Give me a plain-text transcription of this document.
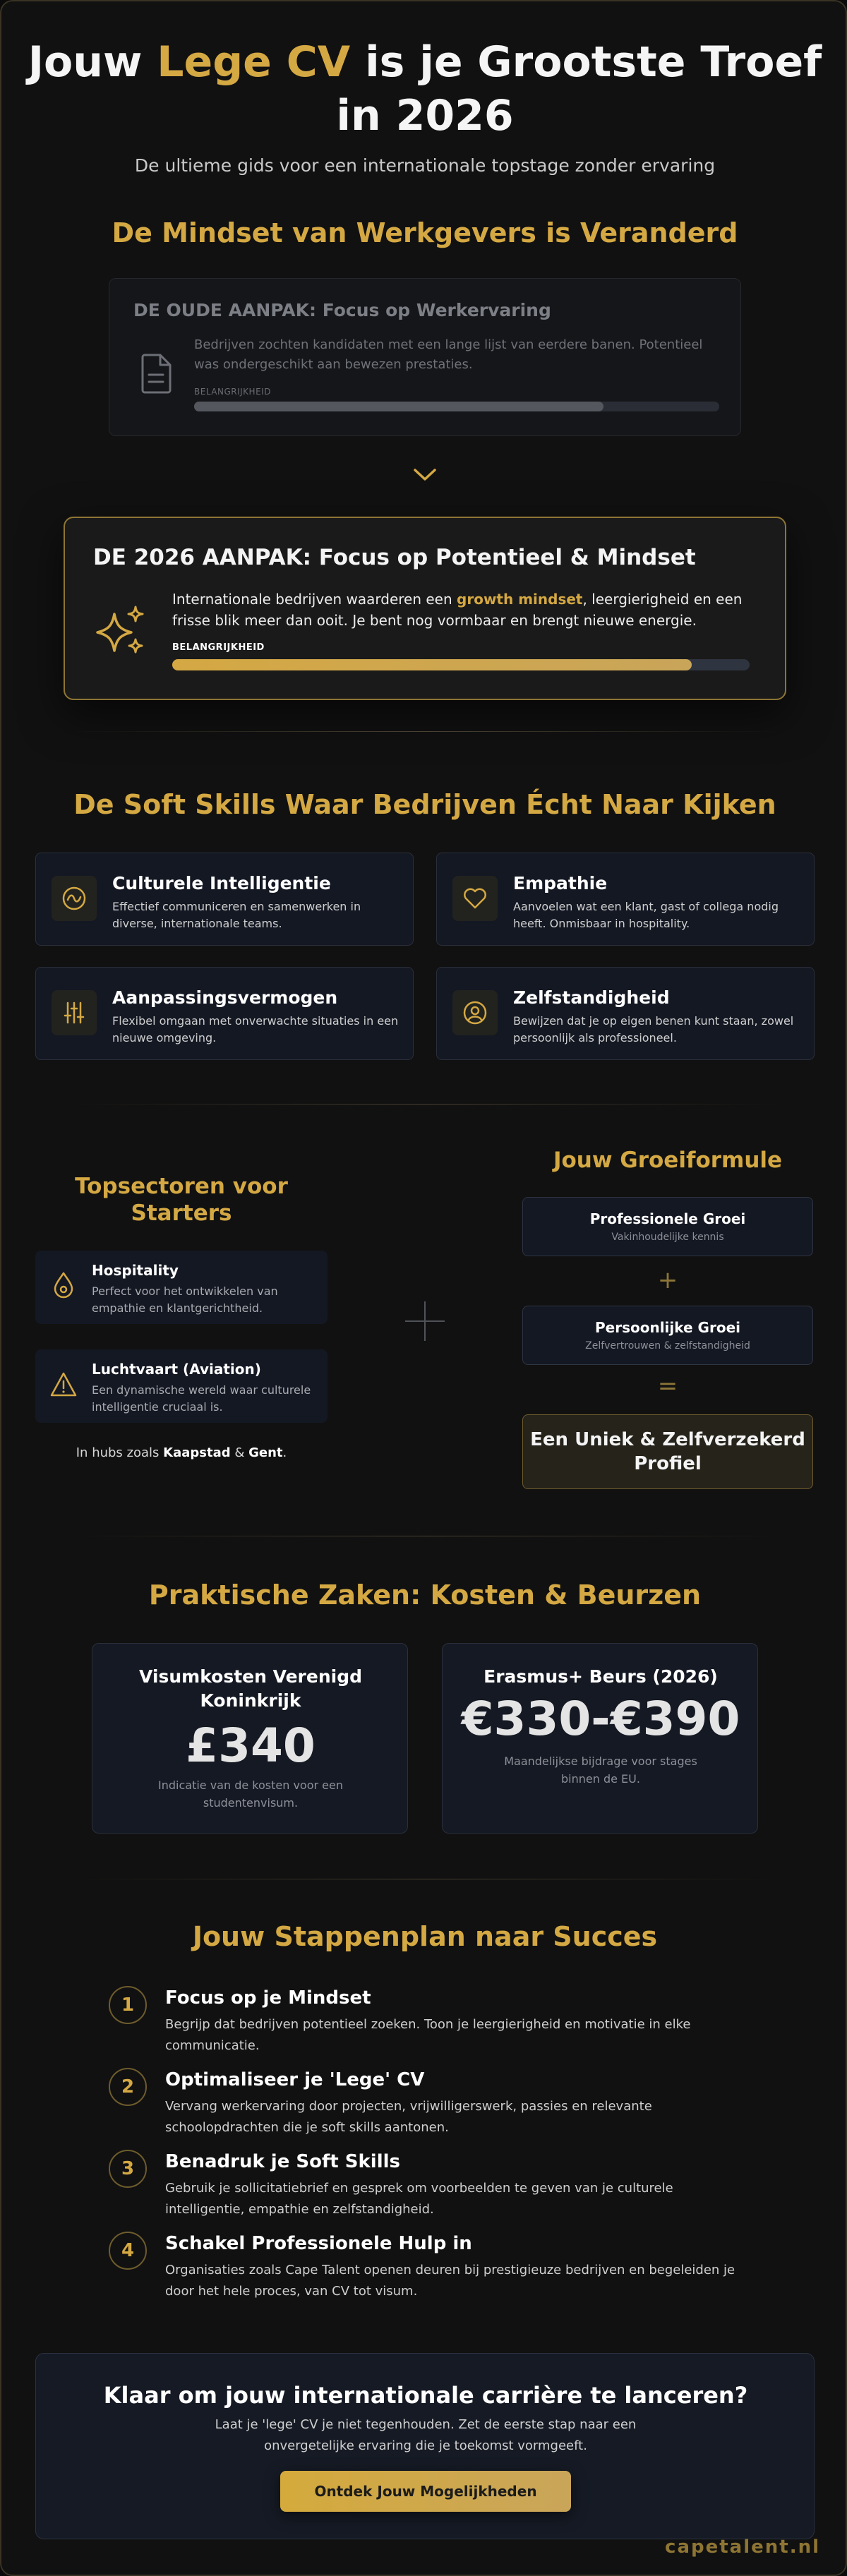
Jouw Lege CV is je Grootste Troef in 2026
De ultieme gids voor een internationale topstage zonder ervaring
De Mindset van Werkgevers is Veranderd
DE OUDE AANPAK: Focus op Werkervaring
Bedrijven zochten kandidaten met een lange lijst van eerdere banen. Potentieel was ondergeschikt aan bewezen prestaties.
BELANGRIJKHEID
DE 2026 AANPAK: Focus op Potentieel & Mindset
Internationale bedrijven waarderen een growth mindset, leergierigheid en een frisse blik meer dan ooit. Je bent nog vormbaar en brengt nieuwe energie.
BELANGRIJKHEID
De Soft Skills Waar Bedrijven Écht Naar Kijken
Culturele Intelligentie
Effectief communiceren en samenwerken in diverse, internationale teams.
Empathie
Aanvoelen wat een klant, gast of collega nodig heeft. Onmisbaar in hospitality.
Aanpassingsvermogen
Flexibel omgaan met onverwachte situaties in een nieuwe omgeving.
Zelfstandigheid
Bewijzen dat je op eigen benen kunt staan, zowel persoonlijk als professioneel.
Topsectoren voor Starters
Hospitality
Perfect voor het ontwikkelen van empathie en klantgerichtheid.
Luchtvaart (Aviation)
Een dynamische wereld waar culturele intelligentie cruciaal is.
In hubs zoals Kaapstad & Gent.
Jouw Groeiformule
Professionele Groei
Vakinhoudelijke kennis
+
Persoonlijke Groei
Zelfvertrouwen & zelfstandigheid
=
Een Uniek & Zelfverzekerd Profiel
Praktische Zaken: Kosten & Beurzen
Visumkosten Verenigd Koninkrijk
£340
Indicatie van de kosten voor een studentenvisum.
Erasmus+ Beurs (2026)
€330-€390
Maandelijkse bijdrage voor stages binnen de EU.
Jouw Stappenplan naar Succes
1	Focus op je Mindset
Begrijp dat bedrijven potentieel zoeken. Toon je leergierigheid en motivatie in elke communicatie.
2	Optimaliseer je 'Lege' CV
Vervang werkervaring door projecten, vrijwilligerswerk, passies en relevante schoolopdrachten die je soft skills aantonen.
3	Benadruk je Soft Skills
Gebruik je sollicitatiebrief en gesprek om voorbeelden te geven van je culturele intelligentie, empathie en zelfstandigheid.
4	Schakel Professionele Hulp in
Organisaties zoals Cape Talent openen deuren bij prestigieuze bedrijven en begeleiden je door het hele proces, van CV tot visum.
Klaar om jouw internationale carrière te lanceren?
Laat je 'lege' CV je niet tegenhouden. Zet de eerste stap naar een onvergetelijke ervaring die je toekomst vormgeeft.
Ontdek Jouw Mogelijkheden
capetalent.nl
